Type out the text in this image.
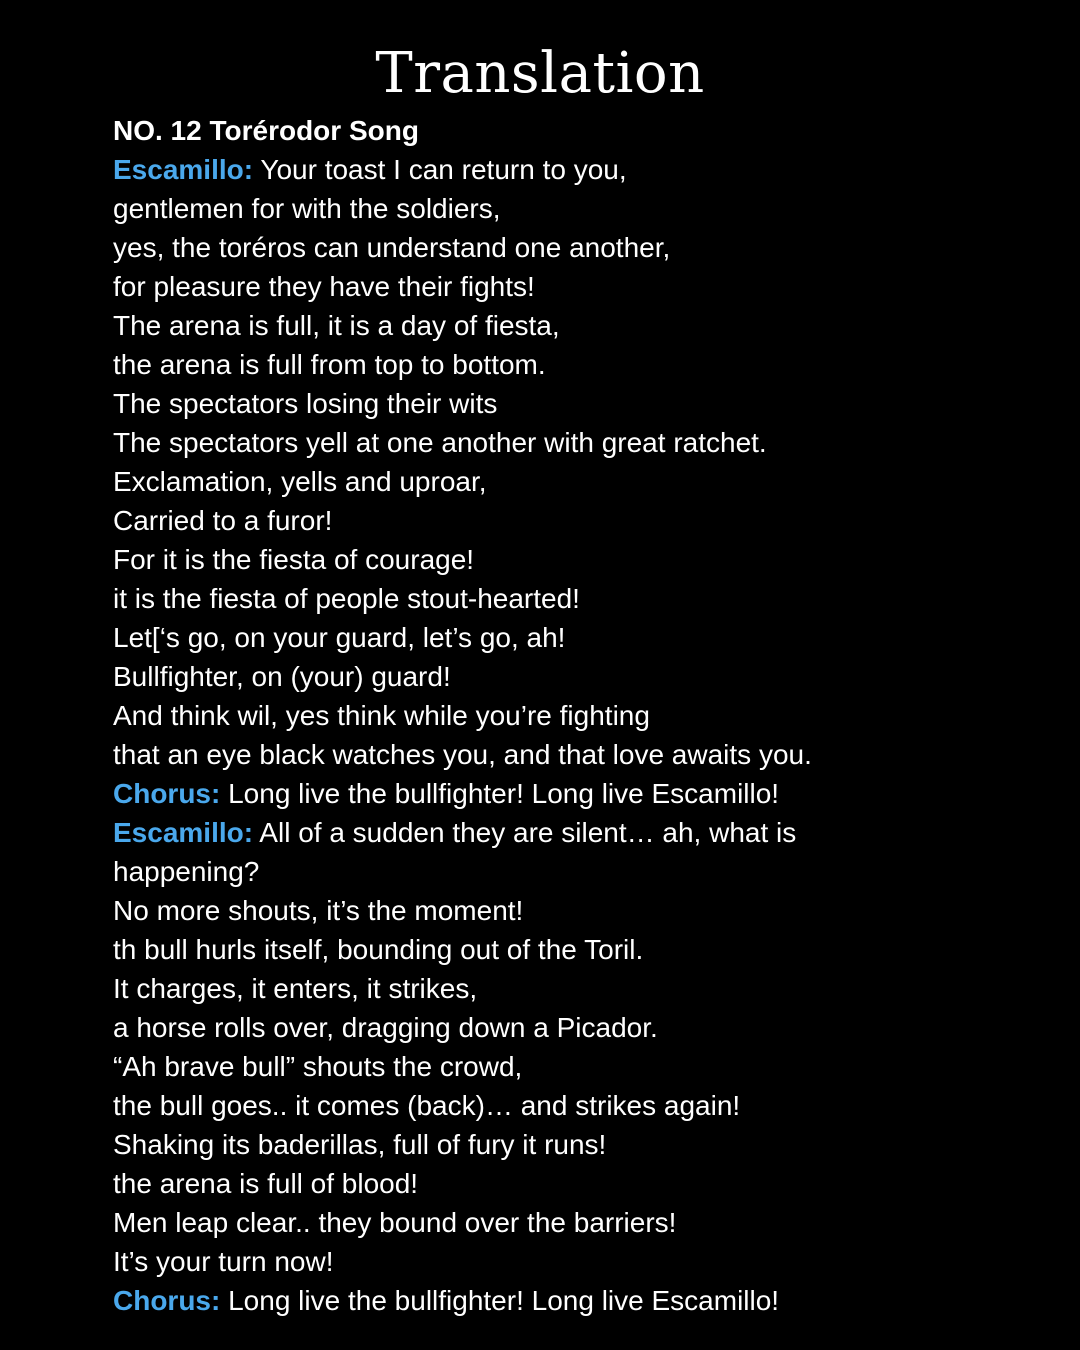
Translation
NO. 12 Torérodor Song
Escamillo: Your toast I can return to you,
gentlemen for with the soldiers,
yes, the toréros can understand one another,
for pleasure they have their fights!
The arena is full, it is a day of fiesta,
the arena is full from top to bottom.
The spectators losing their wits
The spectators yell at one another with great ratchet.
Exclamation, yells and uproar,
Carried to a furor!
For it is the fiesta of courage!
it is the fiesta of people stout-hearted!
Let[‘s go, on your guard, let’s go, ah!
Bullfighter, on (your) guard!
And think wil, yes think while you’re fighting
that an eye black watches you, and that love awaits you.
Chorus: Long live the bullfighter! Long live Escamillo!
Escamillo: All of a sudden they are silent… ah, what is
happening?
No more shouts, it’s the moment!
th bull hurls itself, bounding out of the Toril.
It charges, it enters, it strikes,
a horse rolls over, dragging down a Picador.
“Ah brave bull” shouts the crowd,
the bull goes.. it comes (back)… and strikes again!
Shaking its baderillas, full of fury it runs!
the arena is full of blood!
Men leap clear.. they bound over the barriers!
It’s your turn now!
Chorus: Long live the bullfighter! Long live Escamillo!
